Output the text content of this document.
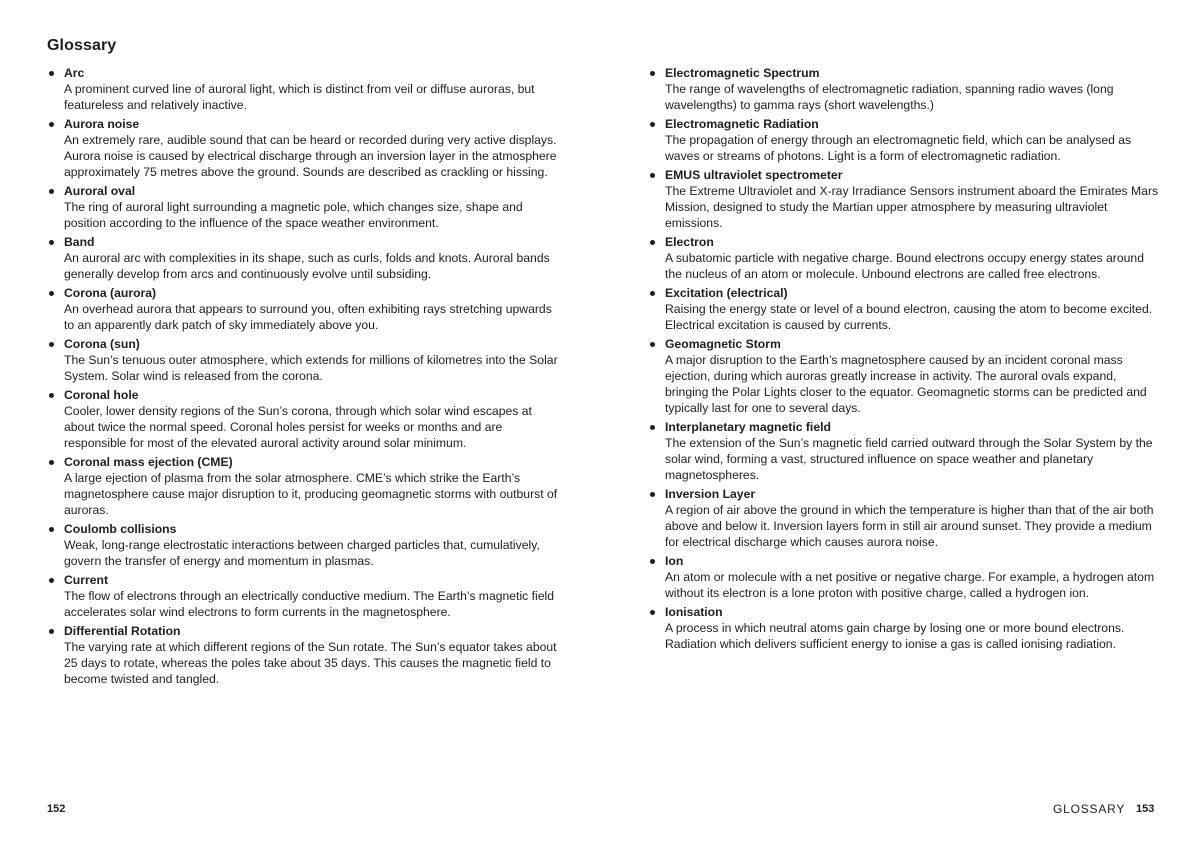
Glossary
Arc
A prominent curved line of auroral light, which is distinct from veil or diffuse auroras, but featureless and relatively inactive.
Aurora noise
An extremely rare, audible sound that can be heard or recorded during very active displays. Aurora noise is caused by electrical discharge through an inversion layer in the atmosphere approximately 75 metres above the ground. Sounds are described as crackling or hissing.
Auroral oval
The ring of auroral light surrounding a magnetic pole, which changes size, shape and position according to the influence of the space weather environment.
Band
An auroral arc with complexities in its shape, such as curls, folds and knots. Auroral bands generally develop from arcs and continuously evolve until subsiding.
Corona (aurora)
An overhead aurora that appears to surround you, often exhibiting rays stretching upwards to an apparently dark patch of sky immediately above you.
Corona (sun)
The Sun’s tenuous outer atmosphere, which extends for millions of kilometres into the Solar System. Solar wind is released from the corona.
Coronal hole
Cooler, lower density regions of the Sun’s corona, through which solar wind escapes at about twice the normal speed. Coronal holes persist for weeks or months and are responsible for most of the elevated auroral activity around solar minimum.
Coronal mass ejection (CME)
A large ejection of plasma from the solar atmosphere. CME’s which strike the Earth’s magnetosphere cause major disruption to it, producing geomagnetic storms with outburst of auroras.
Coulomb collisions
Weak, long-range electrostatic interactions between charged particles that, cumulatively, govern the transfer of energy and momentum in plasmas.
Current
The flow of electrons through an electrically conductive medium. The Earth’s magnetic field accelerates solar wind electrons to form currents in the magnetosphere.
Differential Rotation
The varying rate at which different regions of the Sun rotate. The Sun’s equator takes about 25 days to rotate, whereas the poles take about 35 days. This causes the magnetic field to become twisted and tangled.
152
Electromagnetic Spectrum
The range of wavelengths of electromagnetic radiation, spanning radio waves (long wavelengths) to gamma rays (short wavelengths.)
Electromagnetic Radiation
The propagation of energy through an electromagnetic field, which can be analysed as waves or streams of photons. Light is a form of electromagnetic radiation.
EMUS ultraviolet spectrometer
The Extreme Ultraviolet and X-ray Irradiance Sensors instrument aboard the Emirates Mars Mission, designed to study the Martian upper atmosphere by measuring ultraviolet emissions.
Electron
A subatomic particle with negative charge. Bound electrons occupy energy states around the nucleus of an atom or molecule. Unbound electrons are called free electrons.
Excitation (electrical)
Raising the energy state or level of a bound electron, causing the atom to become excited. Electrical excitation is caused by currents.
Geomagnetic Storm
A major disruption to the Earth’s magnetosphere caused by an incident coronal mass ejection, during which auroras greatly increase in activity. The auroral ovals expand, bringing the Polar Lights closer to the equator. Geomagnetic storms can be predicted and typically last for one to several days.
Interplanetary magnetic field
The extension of the Sun’s magnetic field carried outward through the Solar System by the solar wind, forming a vast, structured influence on space weather and planetary magnetospheres.
Inversion Layer
A region of air above the ground in which the temperature is higher than that of the air both above and below it. Inversion layers form in still air around sunset. They provide a medium for electrical discharge which causes aurora noise.
Ion
An atom or molecule with a net positive or negative charge. For example, a hydrogen atom without its electron is a lone proton with positive charge, called a hydrogen ion.
Ionisation
A process in which neutral atoms gain charge by losing one or more bound electrons. Radiation which delivers sufficient energy to ionise a gas is called ionising radiation.
GLOSSARY 153
